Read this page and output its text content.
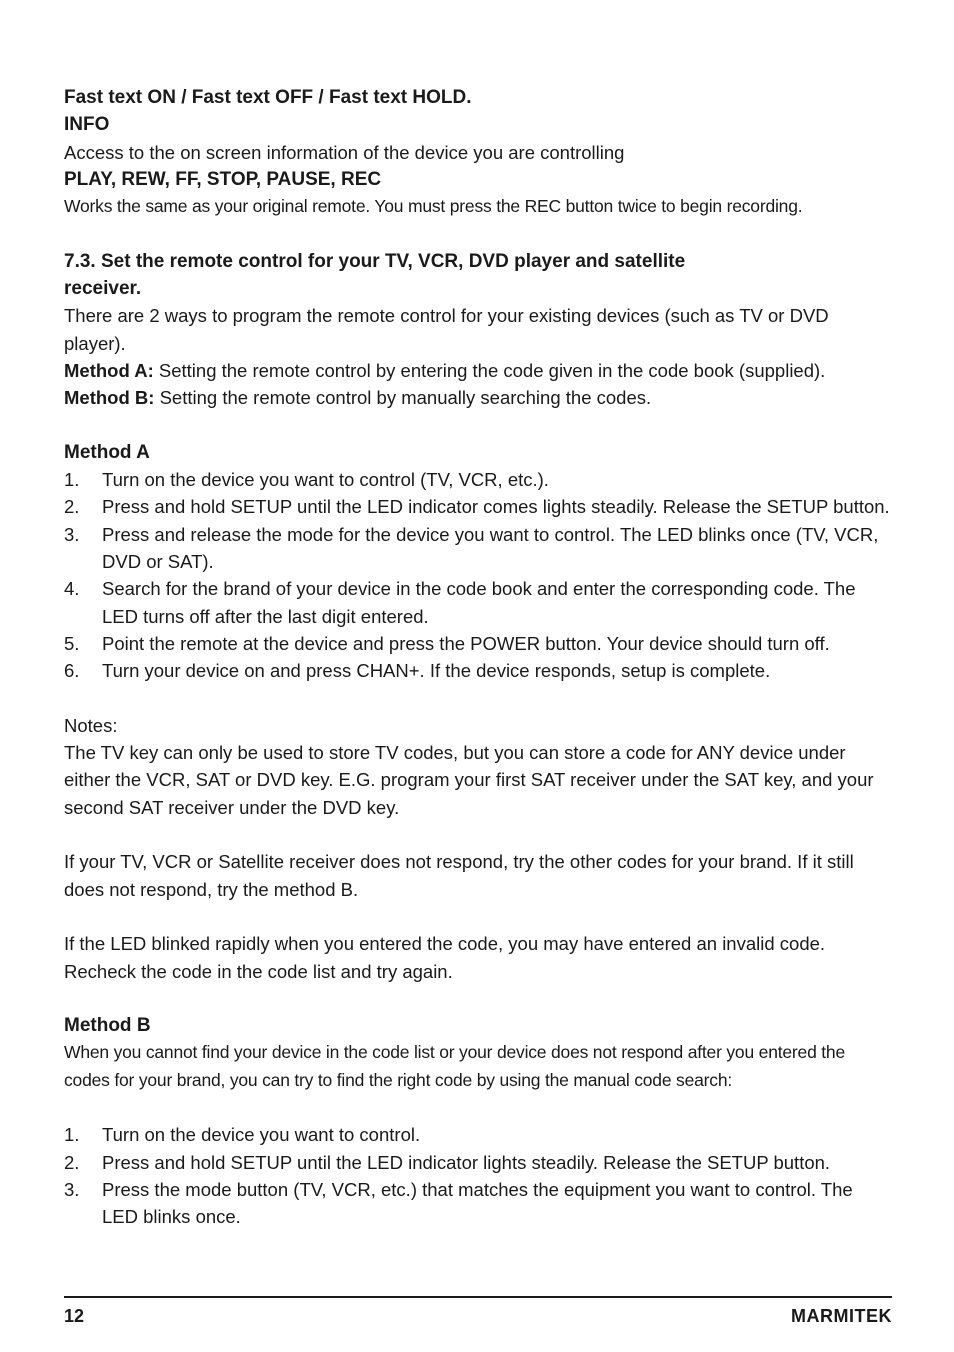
Fast text ON / Fast text OFF / Fast text HOLD.

INFO

Access to the on screen information of the device you are controlling

PLAY, REW, FF, STOP, PAUSE, REC

Works the same as your original remote. You must press the REC button twice to begin recording.

7.3. Set the remote control for your TV, VCR, DVD player and satellite

receiver.

There are 2 ways to program the remote control for your existing devices (such as TV or DVD player).

Method A: Setting the remote control by entering the code given in the code book (supplied).

Method B: Setting the remote control by manually searching the codes.

Method A

1. Turn on the device you want to control (TV, VCR, etc.).
2. Press and hold SETUP until the LED indicator comes lights steadily. Release the SETUP button.
3. Press and release the mode for the device you want to control. The LED blinks once (TV, VCR, DVD or SAT).
4. Search for the brand of your device in the code book and enter the corresponding code. The LED turns off after the last digit entered.
5. Point the remote at the device and press the POWER button. Your device should turn off.
6. Turn your device on and press CHAN+. If the device responds, setup is complete.

Notes:

The TV key can only be used to store TV codes, but you can store a code for ANY device under either the VCR, SAT or DVD key. E.G. program your first SAT receiver under the SAT key, and your second SAT receiver under the DVD key.

If your TV, VCR or Satellite receiver does not respond, try the other codes for your brand. If it still does not respond, try the method B.

If the LED blinked rapidly when you entered the code, you may have entered an invalid code. Recheck the code in the code list and try again.

Method B

When you cannot find your device in the code list or your device does not respond after you entered the codes for your brand, you can try to find the right code by using the manual code search:

1. Turn on the device you want to control.
2. Press and hold SETUP until the LED indicator lights steadily. Release the SETUP button.
3. Press the mode button (TV, VCR, etc.) that matches the equipment you want to control. The LED blinks once.
12	MARMITEK
